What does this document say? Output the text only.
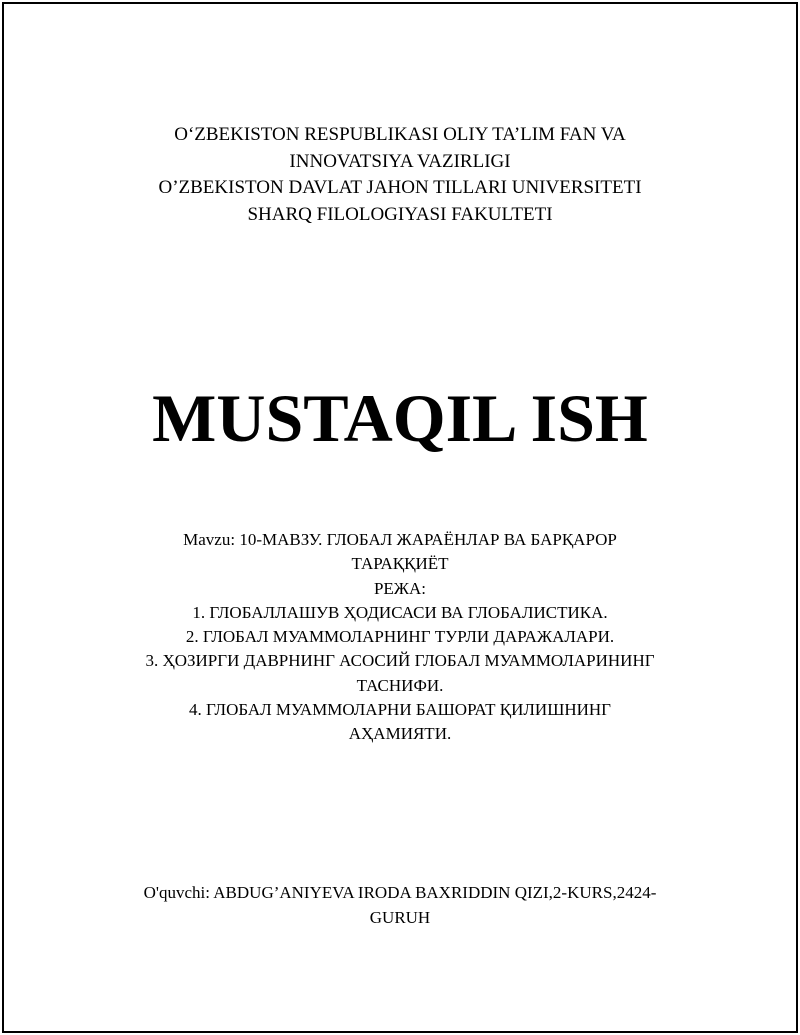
O‘ZBEKISTON RESPUBLIKASI OLIY TA’LIM FAN VA
INNOVATSIYA VAZIRLIGI
O’ZBEKISTON DAVLAT JAHON TILLARI UNIVERSITETI
SHARQ FILOLOGIYASI FAKULTETI
MUSTAQIL ISH
Mavzu: 10-МАВЗУ. ГЛОБАЛ ЖАРАЁНЛАР ВА БАРҚАРОР
ТАРАҚҚИЁТ
РЕЖА:
1. ГЛОБАЛЛАШУВ ҲОДИСАСИ ВА ГЛОБАЛИСТИКА.
2. ГЛОБАЛ МУАММОЛАРНИНГ ТУРЛИ ДАРАЖАЛАРИ.
3. ҲОЗИРГИ ДАВРНИНГ АСОСИЙ ГЛОБАЛ МУАММОЛАРИНИНГ
ТАСНИФИ.
4. ГЛОБАЛ МУАММОЛАРНИ БАШОРАТ ҚИЛИШНИНГ
АҲАМИЯТИ.
O'quvchi: ABDUG’ANIYEVA IRODA BAXRIDDIN QIZI,2-KURS,2424-
GURUH
